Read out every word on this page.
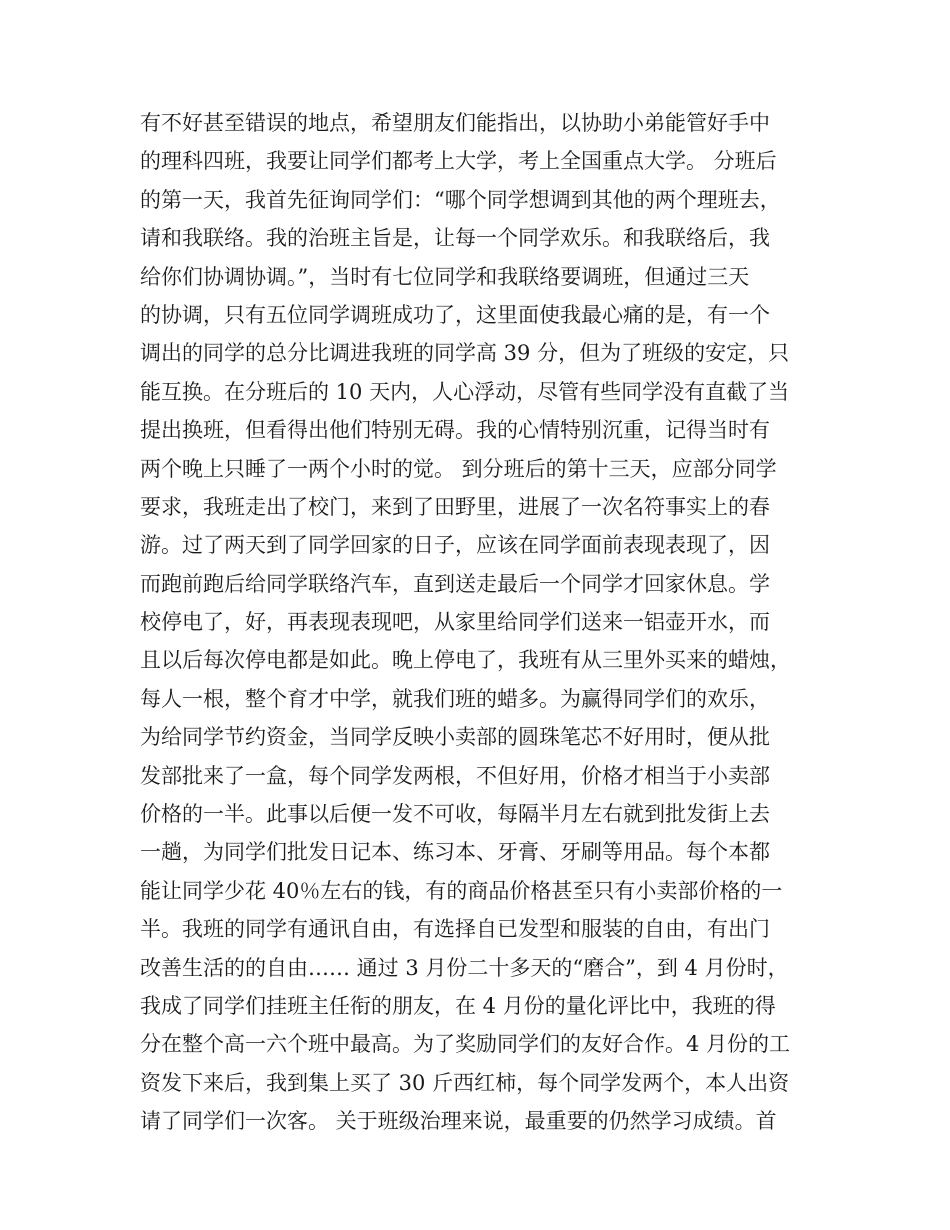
有不好甚至错误的地点，希望朋友们能指出，以协助小弟能管好手中
的理科四班，我要让同学们都考上大学，考上全国重点大学。 分班后
的第一天，我首先征询同学们：“哪个同学想调到其他的两个理班去，
请和我联络。我的治班主旨是，让每一个同学欢乐。和我联络后，我
给你们协调协调。”，当时有七位同学和我联络要调班，但通过三天
的协调，只有五位同学调班成功了，这里面使我最心痛的是，有一个
调出的同学的总分比调进我班的同学高 39 分，但为了班级的安定，只
能互换。在分班后的 10 天内，人心浮动，尽管有些同学没有直截了当
提出换班，但看得出他们特别无碍。我的心情特别沉重，记得当时有
两个晚上只睡了一两个小时的觉。 到分班后的第十三天，应部分同学
要求，我班走出了校门，来到了田野里，进展了一次名符事实上的春
游。过了两天到了同学回家的日子，应该在同学面前表现表现了，因
而跑前跑后给同学联络汽车，直到送走最后一个同学才回家休息。学
校停电了，好，再表现表现吧，从家里给同学们送来一铝壶开水，而
且以后每次停电都是如此。晚上停电了，我班有从三里外买来的蜡烛，
每人一根，整个育才中学，就我们班的蜡多。为赢得同学们的欢乐，
为给同学节约资金，当同学反映小卖部的圆珠笔芯不好用时，便从批
发部批来了一盒，每个同学发两根，不但好用，价格才相当于小卖部
价格的一半。此事以后便一发不可收，每隔半月左右就到批发街上去
一趟，为同学们批发日记本、练习本、牙膏、牙刷等用品。每个本都
能让同学少花 40％左右的钱，有的商品价格甚至只有小卖部价格的一
半。我班的同学有通讯自由，有选择自已发型和服装的自由，有出门
改善生活的的自由…… 通过 3 月份二十多天的“磨合”，到 4 月份时，
我成了同学们挂班主任衔的朋友，在 4 月份的量化评比中，我班的得
分在整个高一六个班中最高。为了奖励同学们的友好合作。4 月份的工
资发下来后，我到集上买了 30 斤西红柿，每个同学发两个，本人出资
请了同学们一次客。 关于班级治理来说，最重要的仍然学习成绩。首
